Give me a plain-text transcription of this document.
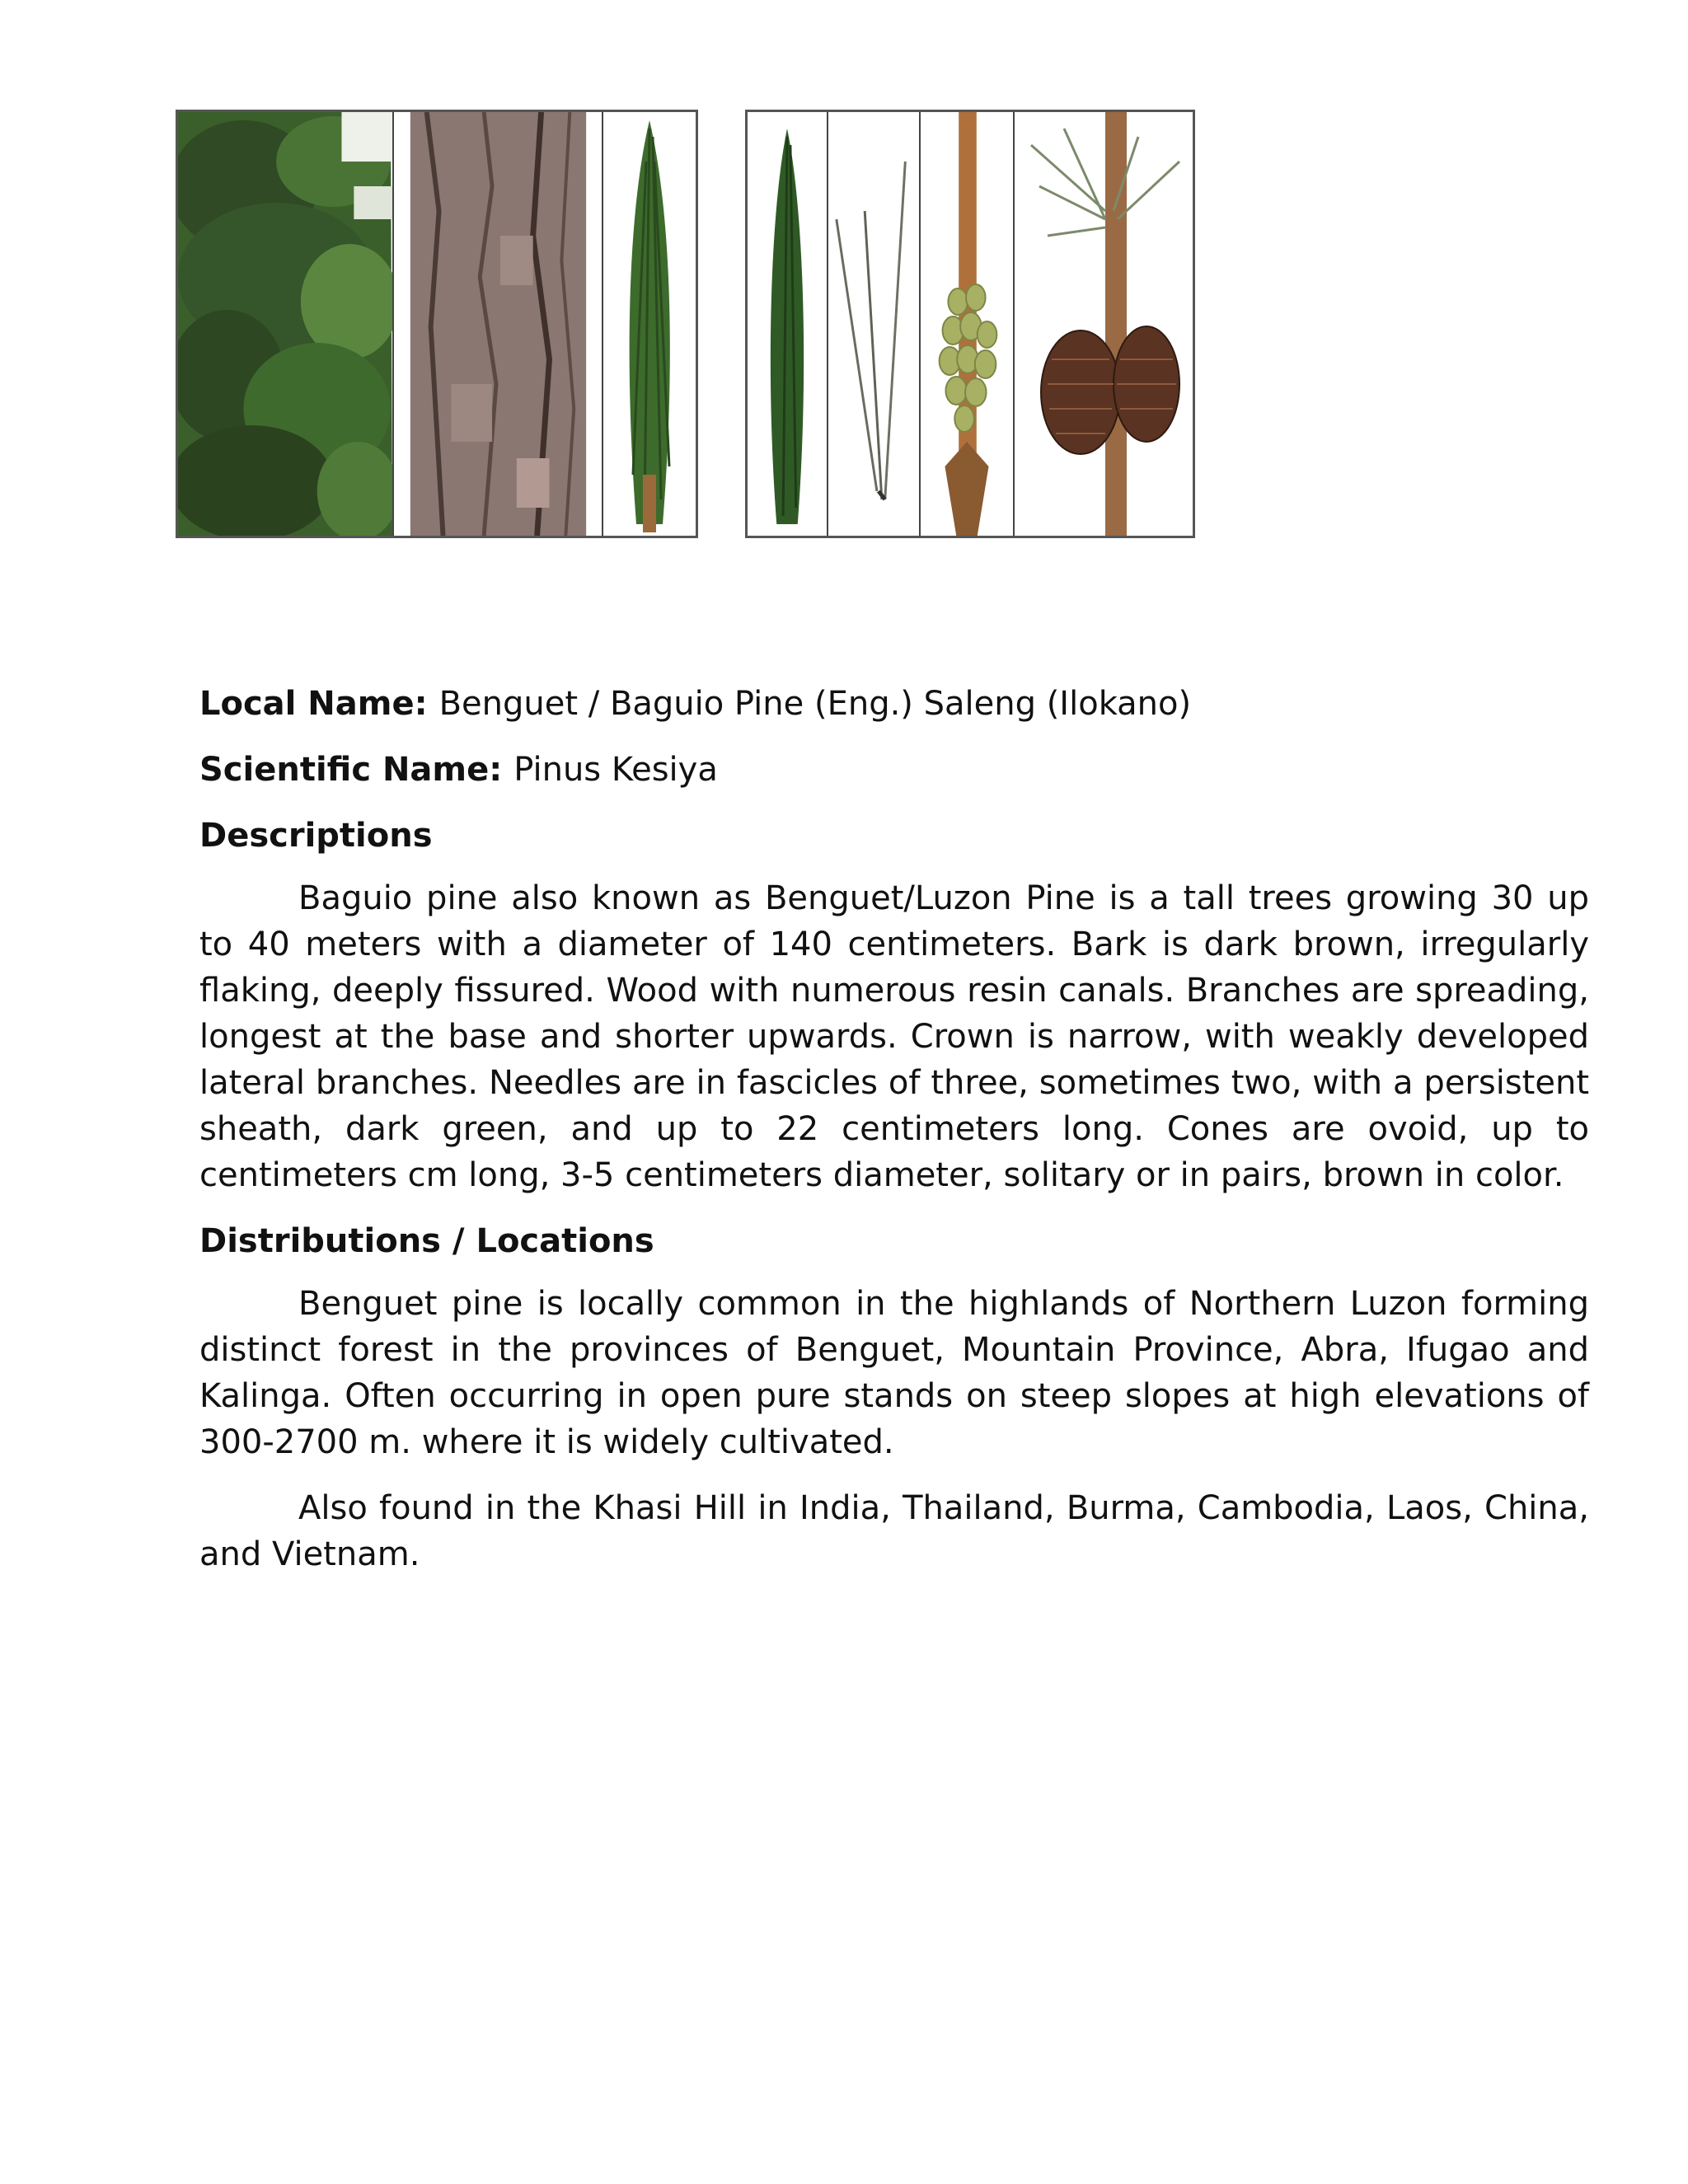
Local Name: Benguet / Baguio Pine (Eng.) Saleng (Ilokano)

Scientific Name: Pinus Kesiya

Descriptions

Baguio pine also known as Benguet/Luzon Pine is a tall trees growing 30 up to 40 meters with a diameter of 140 centimeters. Bark is dark brown, irregularly flaking, deeply fissured. Wood with numerous resin canals. Branches are spreading, longest at the base and shorter upwards. Crown is narrow, with weakly developed lateral branches. Needles are in fascicles of three, sometimes two, with a persistent sheath, dark green, and up to 22 centimeters long. Cones are ovoid, up to centimeters cm long, 3-5 centimeters diameter, solitary or in pairs, brown in color.

Distributions / Locations

Benguet pine is locally common in the highlands of Northern Luzon forming distinct forest in the provinces of Benguet, Mountain Province, Abra, Ifugao and Kalinga. Often occurring in open pure stands on steep slopes at high elevations of 300-2700 m. where it is widely cultivated.

Also found in the Khasi Hill in India, Thailand, Burma, Cambodia, Laos, China, and Vietnam.
